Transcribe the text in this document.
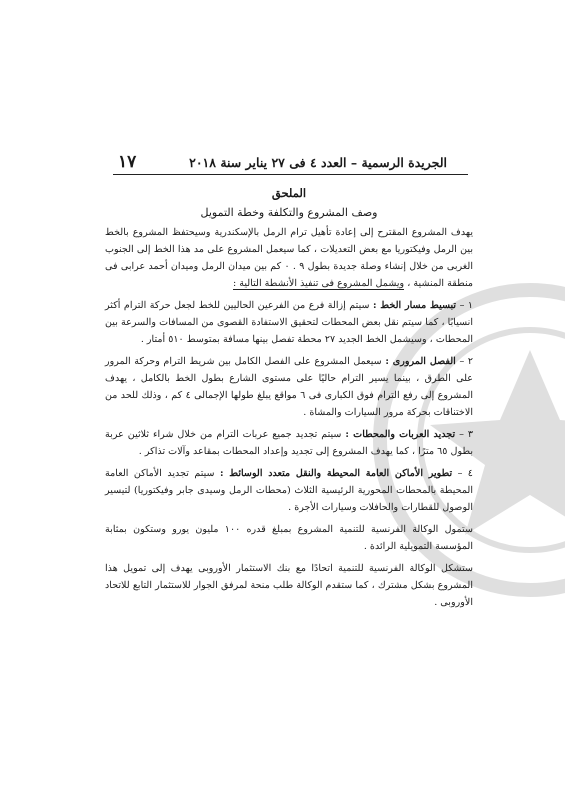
١٧	الجريدة الرسمية – العدد ٤ فى ٢٧ يناير سنة ٢٠١٨

الملحق

وصف المشروع والتكلفة وخطة التمويل

يهدف المشروع المقترح إلى إعادة تأهيل ترام الرمل بالإسكندرية وسيحتفظ المشروع بالخط بين الرمل وفيكتوريا مع بعض التعديلات ، كما سيعمل المشروع على مد هذا الخط إلى الجنوب الغربى من خلال إنشاء وصلة جديدة بطول ٩ . ٠ كم بين ميدان الرمل وميدان أحمد عرابى فى منطقة المنشية ، ويشمل المشروع فى تنفيذ الأنشطة التالية :

١ – تبسيط مسار الخط : سيتم إزالة فرع من الفرعين الحاليين للخط لجعل حركة الترام أكثر انسيابًا ، كما سيتم نقل بعض المحطات لتحقيق الاستفادة القصوى من المسافات والسرعة بين المحطات ، وسيشمل الخط الجديد ٢٧ محطة تفصل بينها مسافة بمتوسط ٥١٠ أمتار .

٢ – الفصل المرورى : سيعمل المشروع على الفصل الكامل بين شريط الترام وحركة المرور على الطرق ، بينما يسير الترام حاليًا على مستوى الشارع بطول الخط بالكامل ، يهدف المشروع إلى رفع الترام فوق الكبارى فى ٦ مواقع يبلغ طولها الإجمالى ٤ كم ، وذلك للحد من الاختناقات بحركة مرور السيارات والمشاة .

٣ – تجديد العربات والمحطات : سيتم تجديد جميع عربات الترام من خلال شراء ثلاثين عربة بطول ٦٥ مترًا ، كما يهدف المشروع إلى تجديد وإعداد المحطات بمقاعد وآلات تذاكر .

٤ – تطوير الأماكن العامة المحيطة والنقل متعدد الوسائط : سيتم تجديد الأماكن العامة المحيطة بالمحطات المحورية الرئيسية الثلاث (محطات الرمل وسيدى جابر وفيكتوريا) لتيسير الوصول للقطارات والحافلات وسيارات الأجرة .

ستمول الوكالة الفرنسية للتنمية المشروع بمبلغ قدره ١٠٠ مليون يورو وستكون بمثابة المؤسسة التمويلية الرائدة .

ستشكل الوكالة الفرنسية للتنمية اتحادًا مع بنك الاستثمار الأوروبى يهدف إلى تمويل هذا المشروع بشكل مشترك ، كما ستقدم الوكالة طلب منحة لمرفق الجوار للاستثمار التابع للاتحاد الأوروبى .
